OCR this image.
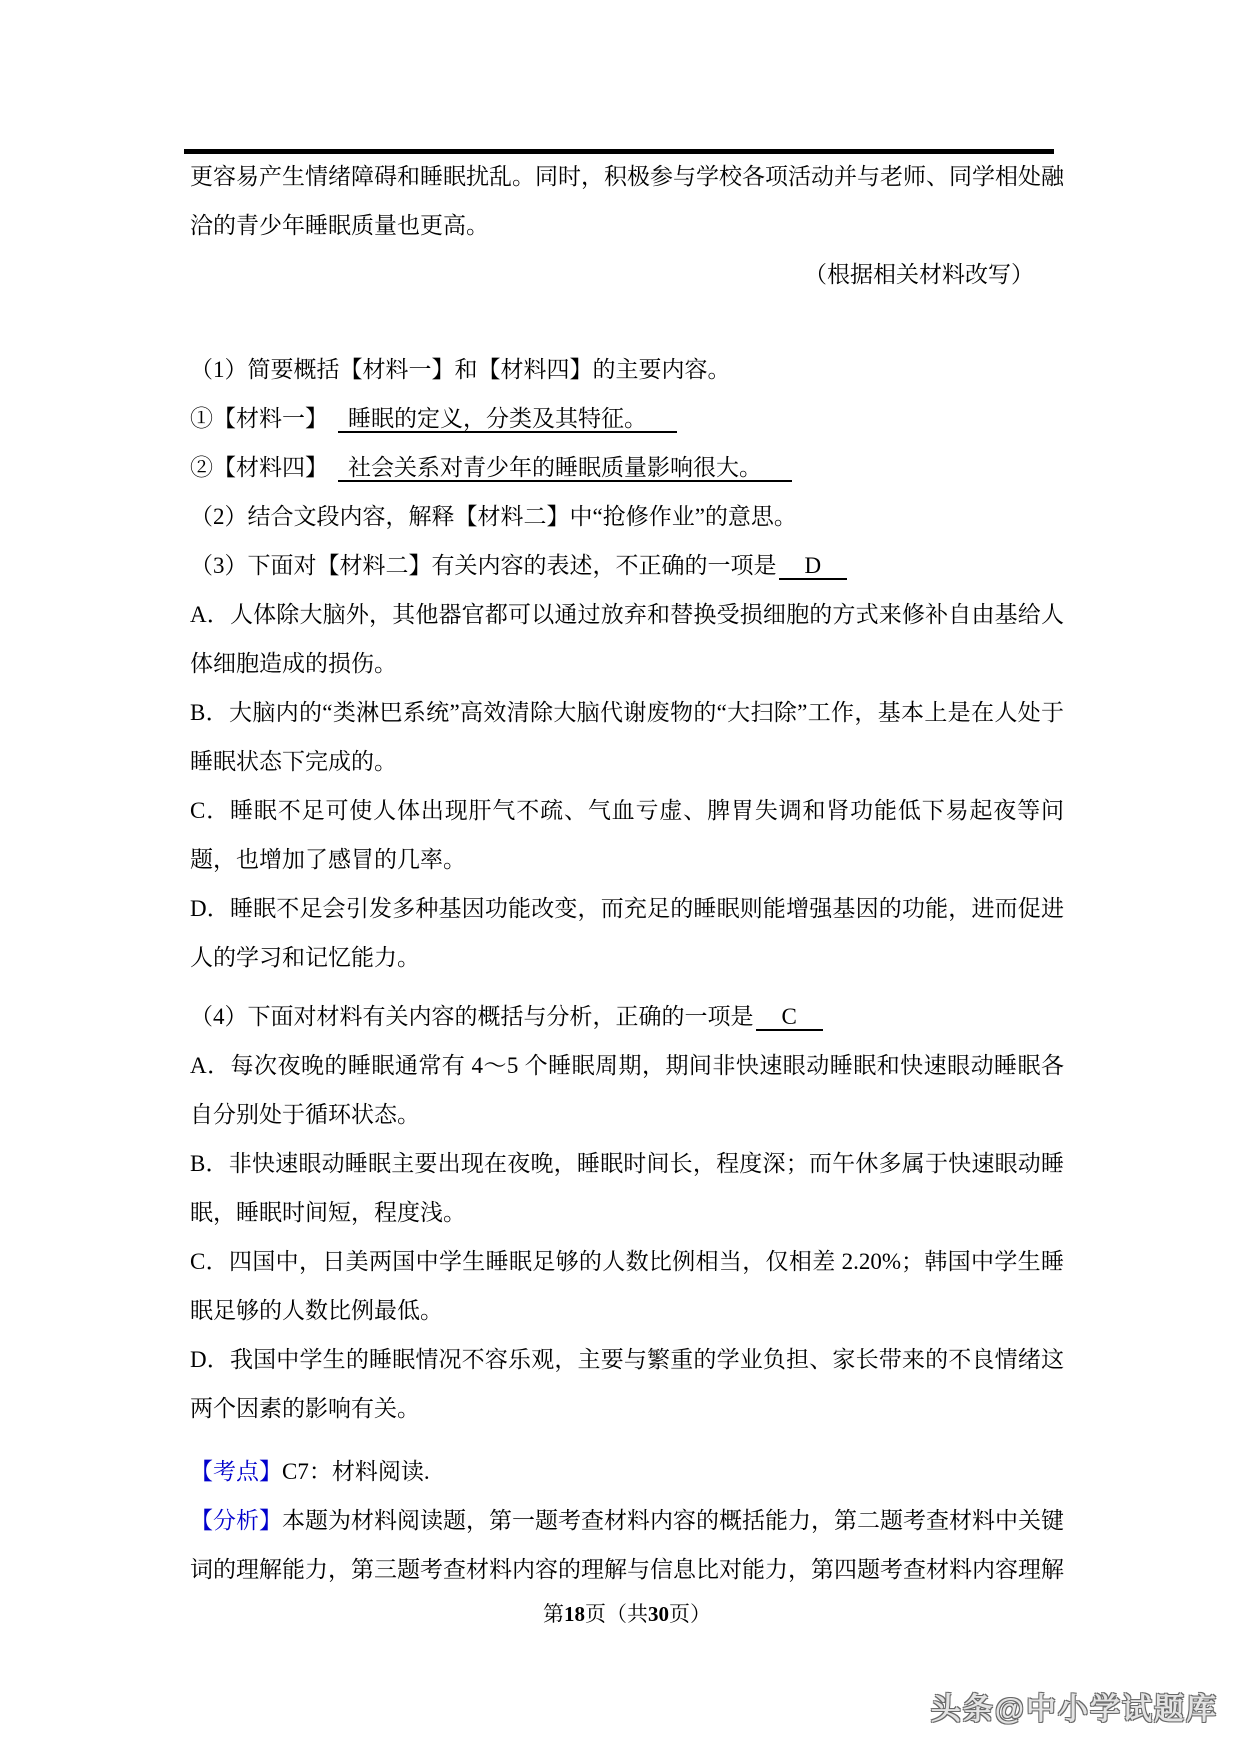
更容易产生情绪障碍和睡眠扰乱。同时，积极参与学校各项活动并与老师、同学相处融洽的青少年睡眠质量也更高。

（根据相关材料改写）

（1）简要概括【材料一】和【材料四】的主要内容。

①【材料一】 睡眠的定义，分类及其特征。

②【材料四】 社会关系对青少年的睡眠质量影响很大。

（2）结合文段内容，解释【材料二】中“抢修作业”的意思。

（3）下面对【材料二】有关内容的表述，不正确的一项是 D

A．人体除大脑外，其他器官都可以通过放弃和替换受损细胞的方式来修补自由基给人体细胞造成的损伤。

B．大脑内的“类淋巴系统”高效清除大脑代谢废物的“大扫除”工作，基本上是在人处于睡眠状态下完成的。

C．睡眠不足可使人体出现肝气不疏、气血亏虚、脾胃失调和肾功能低下易起夜等问题，也增加了感冒的几率。

D．睡眠不足会引发多种基因功能改变，而充足的睡眠则能增强基因的功能，进而促进人的学习和记忆能力。

（4）下面对材料有关内容的概括与分析，正确的一项是 C

A．每次夜晚的睡眠通常有 4～5 个睡眠周期，期间非快速眼动睡眠和快速眼动睡眠各自分别处于循环状态。

B．非快速眼动睡眠主要出现在夜晚，睡眠时间长，程度深；而午休多属于快速眼动睡眠，睡眠时间短，程度浅。

C．四国中，日美两国中学生睡眠足够的人数比例相当，仅相差 2.20%；韩国中学生睡眠足够的人数比例最低。

D．我国中学生的睡眠情况不容乐观，主要与繁重的学业负担、家长带来的不良情绪这两个因素的影响有关。

【考点】C7：材料阅读.

【分析】本题为材料阅读题，第一题考查材料内容的概括能力，第二题考查材料中关键词的理解能力，第三题考查材料内容的理解与信息比对能力，第四题考查材料内容理解

第18页（共30页）
头条@中小学试题库
